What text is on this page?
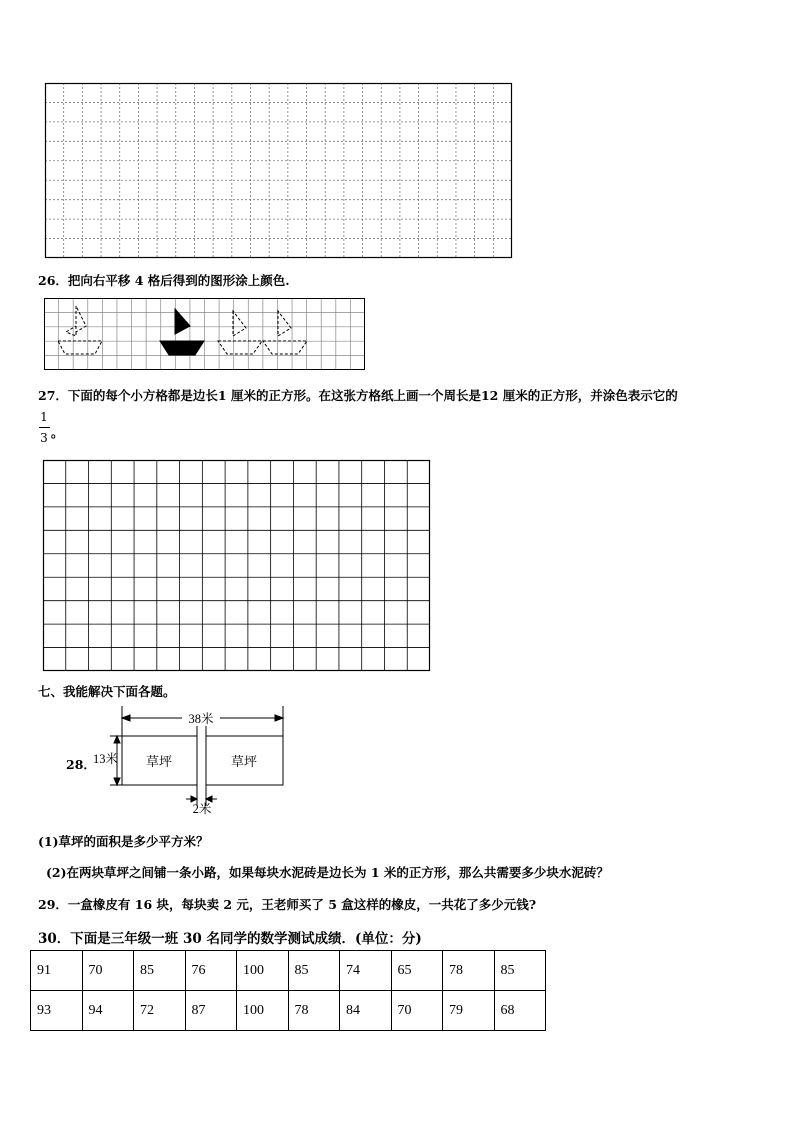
26．把向右平移 4 格后得到的图形涂上颜色.
27．下面的每个小方格都是边长1 厘米的正方形。在这张方格纸上画一个周长是12 厘米的正方形，并涂色表示它的
1
3 。
七、我能解决下面各题。
28．
38米
13米 草坪	草坪
2米
(1)草坪的面积是多少平方米？
(2)在两块草坪之间铺一条小路，如果每块水泥砖是边长为 1 米的正方形，那么共需要多少块水泥砖？
29．一盒橡皮有 16 块，每块卖 2 元，王老师买了 5 盒这样的橡皮，一共花了多少元钱?
30．下面是三年级一班 30 名同学的数学测试成绩．(单位：分)
91	70	85	76	100	85	74	65	78	85
93	94	72	87	100	78	84	70	79	68
